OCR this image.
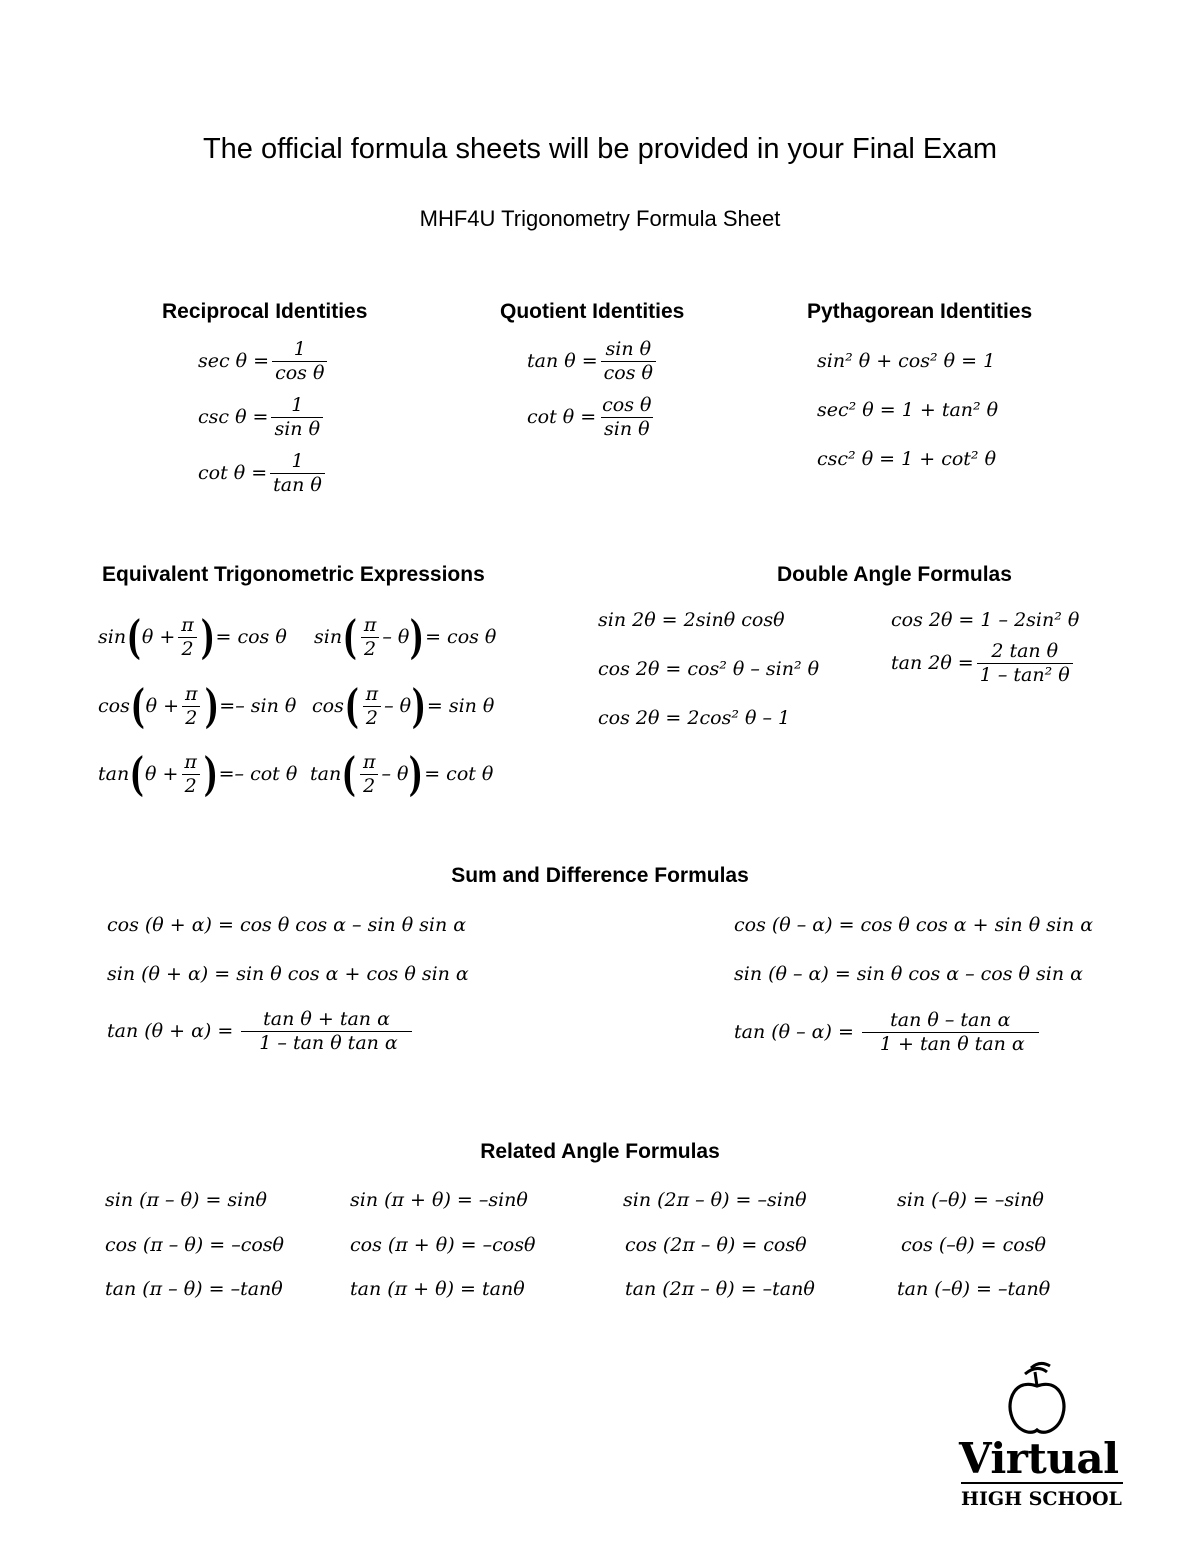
The official formula sheets will be provided in your Final Exam
MHF4U Trigonometry Formula Sheet
Reciprocal Identities
$\sec \theta = \frac{1}{\text{cos θ}}$
$\csc \theta = \frac{1}{\text{sin θ}}$
$\cot \theta = \frac{1}{\text{tan θ}}$
Quotient Identities
$\tan \theta = \frac{\text{sin θ}}{\text{cos θ}}$
$\cot \theta = \frac{\text{cos θ}}{\text{sin θ}}$
Pythagorean Identities
sin² θ + cos² θ = 1
sec² θ = 1 + tan² θ
csc² θ = 1 + cot² θ
Equivalent Trigonometric Expressions
sin ( $\theta + \frac{\pi}{2}$ ) = cos θ sin ( $\frac{\pi}{2}$ – θ ) = cos θ
cos ( $\theta + \frac{\pi}{2}$ ) =– sin θ cos ( $\frac{\pi}{2}$ – θ ) = sin θ
tan ( $\theta + \frac{\pi}{2}$ ) =– cot θ tan ( $\frac{\pi}{2}$ – θ ) = cot θ
Double Angle Formulas
sin 2θ = 2sinθ cosθ
cos 2θ = cos² θ – sin² θ
cos 2θ = 2cos² θ – 1
cos 2θ = 1 – 2sin² θ
$\tan 2\theta = \frac{\text{2 tan θ}}{\text{1 – tan² θ}}$
Sum and Difference Formulas
cos (θ + α) = cos θ cos α – sin θ sin α
sin (θ + α) = sin θ cos α + cos θ sin α
$\tan (\theta + \alpha) = \frac{\text{tan θ + tan α}}{\text{1 – tan θ tan α}}$
cos (θ – α) = cos θ cos α + sin θ sin α
sin (θ – α) = sin θ cos α – cos θ sin α
$\tan (\theta - \alpha) = \frac{\text{tan θ – tan α}}{\text{1 + tan θ tan α}}$
Related Angle Formulas
sin (π – θ) = sinθ	sin (π + θ) = –sinθ	sin (2π – θ) = –sinθ	sin (–θ) = –sinθ
cos (π – θ) = –cosθ	cos (π + θ) = –cosθ	cos (2π – θ) = cosθ	cos (–θ) = cosθ
tan (π – θ) = –tanθ	tan (π + θ) = tanθ	tan (2π – θ) = –tanθ	tan (–θ) = –tanθ
Virtual
HIGH SCHOOL
